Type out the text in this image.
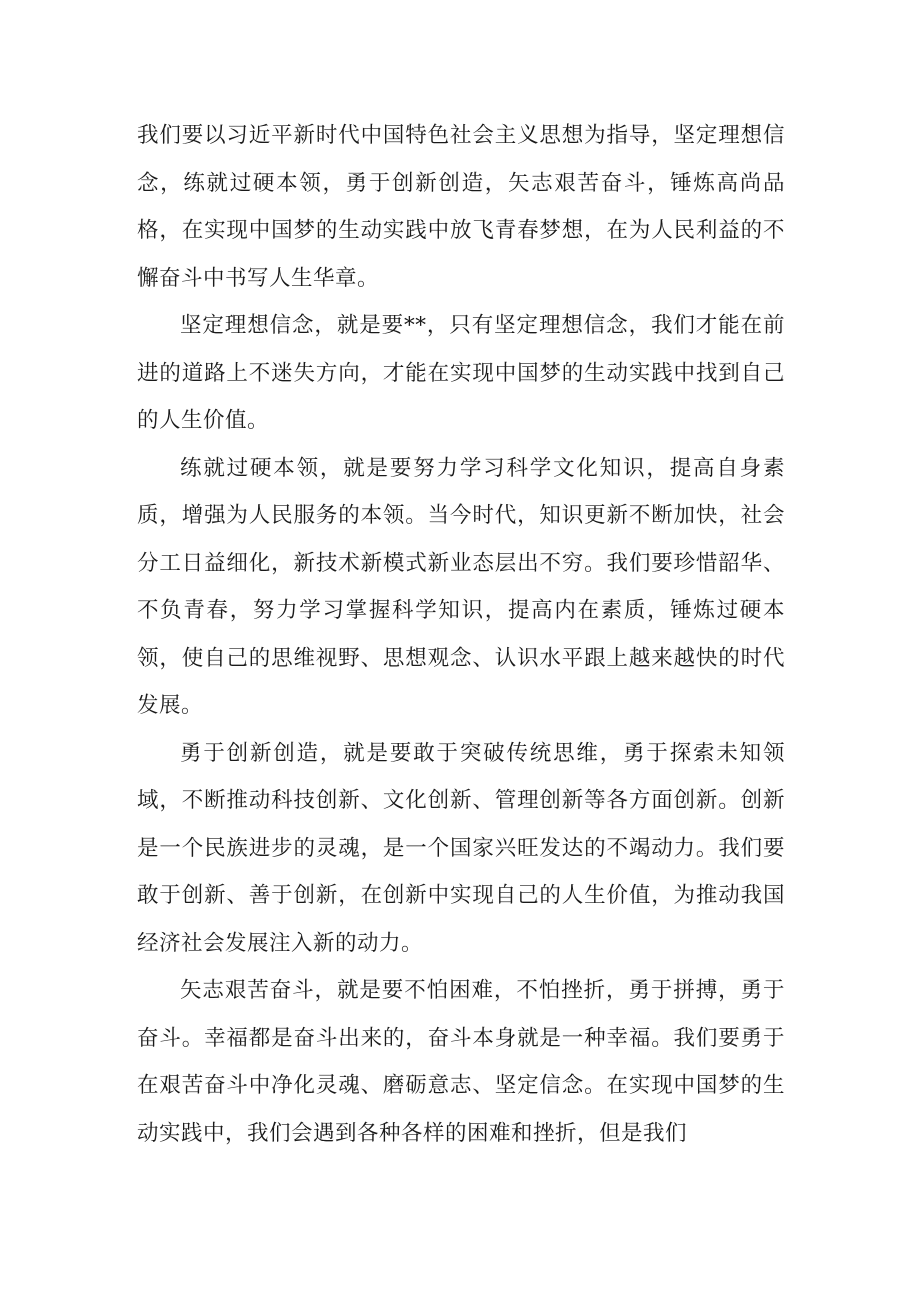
我们要以习近平新时代中国特色社会主义思想为指导，坚定理想信念，练就过硬本领，勇于创新创造，矢志艰苦奋斗，锤炼高尚品格，在实现中国梦的生动实践中放飞青春梦想，在为人民利益的不懈奋斗中书写人生华章。

坚定理想信念，就是要**，只有坚定理想信念，我们才能在前进的道路上不迷失方向，才能在实现中国梦的生动实践中找到自己的人生价值。

练就过硬本领，就是要努力学习科学文化知识，提高自身素质，增强为人民服务的本领。当今时代，知识更新不断加快，社会分工日益细化，新技术新模式新业态层出不穷。我们要珍惜韶华、不负青春，努力学习掌握科学知识，提高内在素质，锤炼过硬本领，使自己的思维视野、思想观念、认识水平跟上越来越快的时代发展。

勇于创新创造，就是要敢于突破传统思维，勇于探索未知领域，不断推动科技创新、文化创新、管理创新等各方面创新。创新是一个民族进步的灵魂，是一个国家兴旺发达的不竭动力。我们要敢于创新、善于创新，在创新中实现自己的人生价值，为推动我国经济社会发展注入新的动力。

矢志艰苦奋斗，就是要不怕困难，不怕挫折，勇于拼搏，勇于奋斗。幸福都是奋斗出来的，奋斗本身就是一种幸福。我们要勇于在艰苦奋斗中净化灵魂、磨砺意志、坚定信念。在实现中国梦的生动实践中，我们会遇到各种各样的困难和挫折，但是我们
